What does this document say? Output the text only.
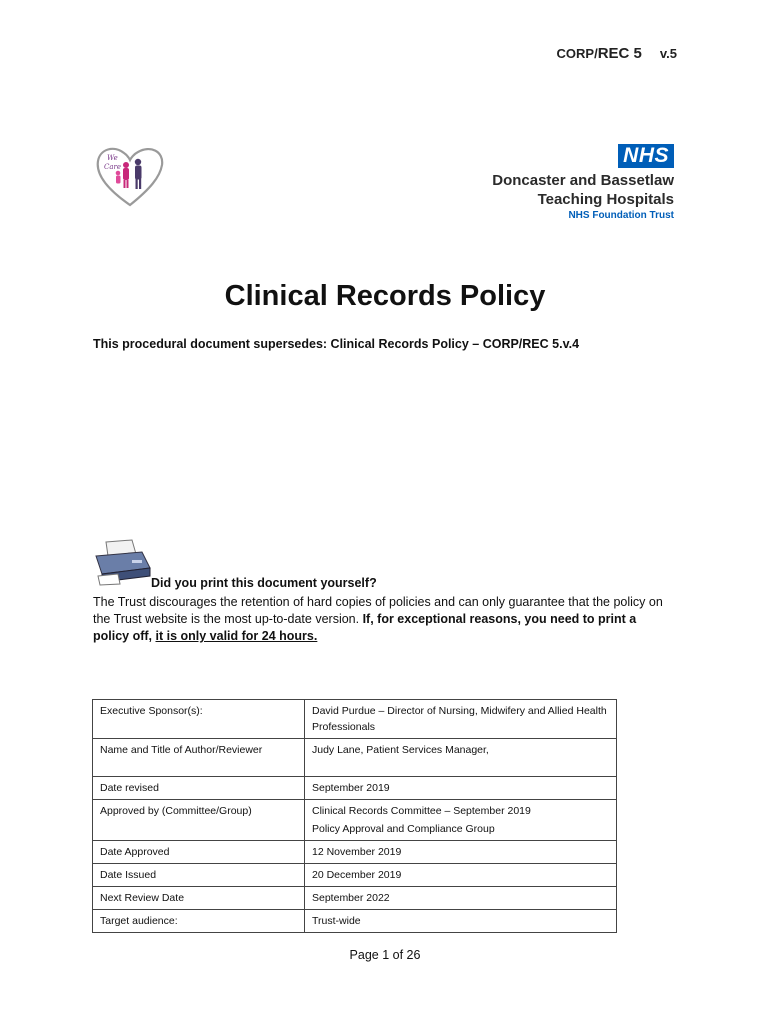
CORP/REC 5 v.5
We
Care	NHS
Doncaster and Bassetlaw
Teaching Hospitals
NHS Foundation Trust
Clinical Records Policy
This procedural document supersedes: Clinical Records Policy – CORP/REC 5.v.4
Did you print this document yourself?
The Trust discourages the retention of hard copies of policies and can only guarantee that the policy on the Trust website is the most up-to-date version. If, for exceptional reasons, you need to print a policy off, it is only valid for 24 hours.
Executive Sponsor(s):	David Purdue – Director of Nursing, Midwifery and Allied Health Professionals
Name and Title of Author/Reviewer	Judy Lane, Patient Services Manager,
Date revised	September 2019
Approved by (Committee/Group)	Clinical Records Committee – September 2019
Policy Approval and Compliance Group

Date Approved	12 November 2019
Date Issued	20 December 2019
Next Review Date	September 2022
Target audience:	Trust-wide
Page 1 of 26
